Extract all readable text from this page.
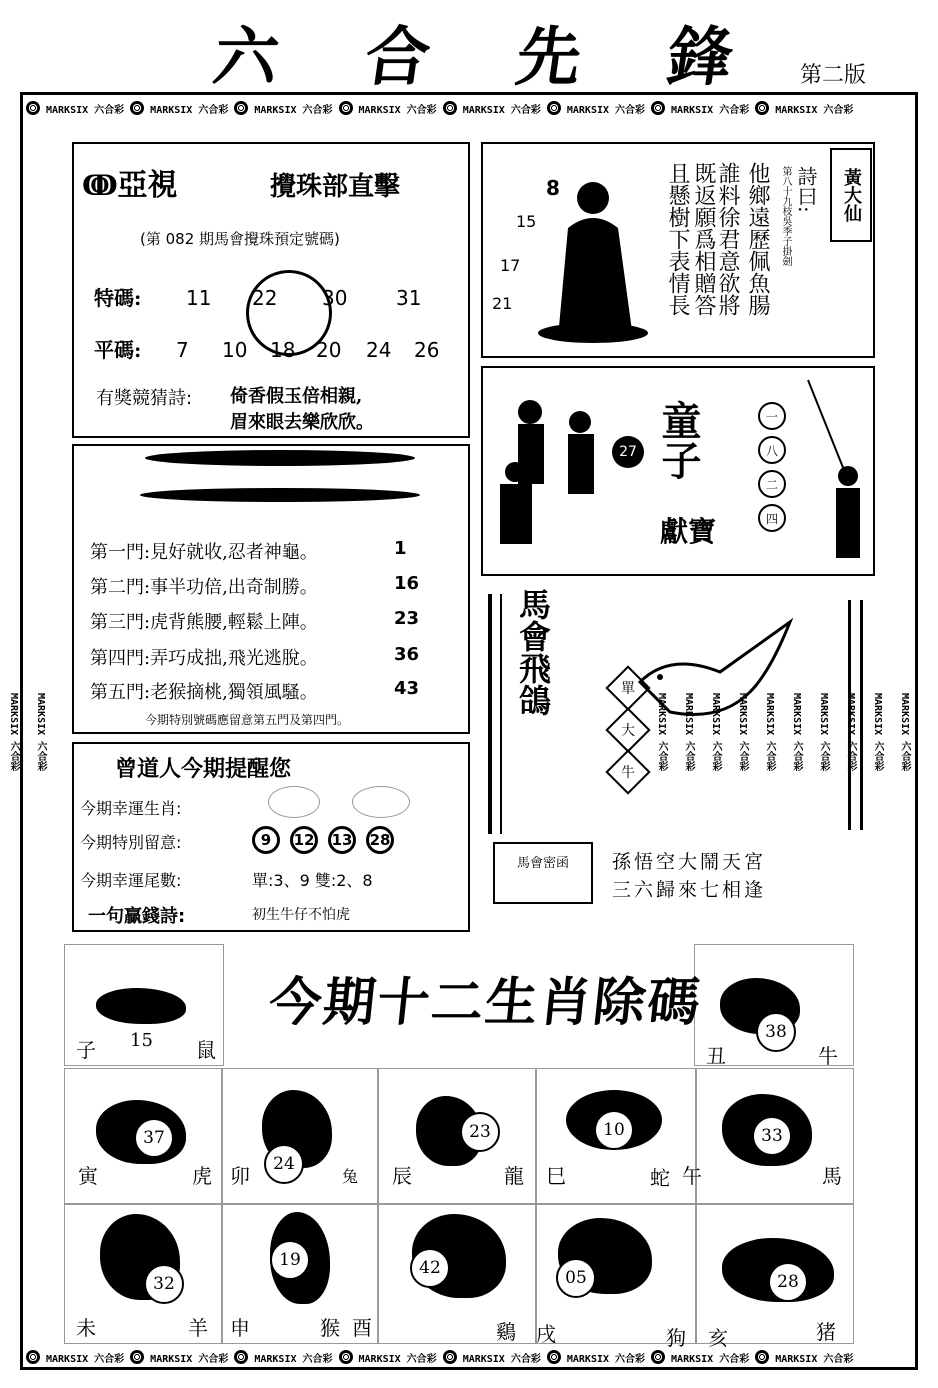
六 合 先 鋒 第二版
MARKSIX 六合彩	MARKSIX 六合彩	MARKSIX 六合彩	MARKSIX 六合彩	MARKSIX 六合彩	MARKSIX 六合彩	MARKSIX 六合彩	MARKSIX 六合彩
MARKSIX 六合彩	MARKSIX 六合彩	MARKSIX 六合彩	MARKSIX 六合彩	MARKSIX 六合彩	MARKSIX 六合彩	MARKSIX 六合彩	MARKSIX 六合彩
MARKSIX 六合彩
MARKSIX 六合彩	MARKSIX 六合彩
MARKSIX 六合彩
MARKSIX 六合彩
MARKSIX 六合彩
MARKSIX 六合彩
MARKSIX 六合彩
MARKSIX 六合彩
MARKSIX 六合彩
MARKSIX 六合彩
ↂ亞視	攪珠部直擊
(第 082 期馬會攪珠預定號碼)
特碼: 11 22 30 31
平碼: 7 10 18 20 24 26
有獎競猜詩: 倚香假玉倍相親,
眉來眼去樂欣欣。
第一門:見好就收,忍者神龜。	1
第二門:事半功倍,出奇制勝。	16
第三門:虎背熊腰,輕鬆上陣。	23
第四門:弄巧成拙,飛光逃脫。	36
第五門:老猴摘桃,獨領風騷。	43
今期特別號碼應留意第五門及第四門。
曾道人今期提醒您
今期幸運生肖:
今期特別留意:	9	12 13 28
今期幸運尾數:	單:3、9 雙:2、8
一句贏錢詩:	初生牛仔不怕虎
黃大仙
詩曰:
第八十九枝吳季子掛劍
他鄉遠歷佩魚腸
誰料徐君意欲將
既返願爲相贈答
且懸樹下表情長
8
15
17
21
27 童子
獻寶
一
八
二
四
馬會飛鴿	單
大
牛
馬會密函	孫悟空大鬧天宮
三六歸來七相逢
今期十二生肖除碼
子	鼠
15
丑	牛
38
寅	虎
37
卯	兔
24	辰	龍
23
巳	蛇
10
午	馬
33
未	羊
32
申	猴
19
酉	鷄
42
戌	狗
05
亥	猪
28
